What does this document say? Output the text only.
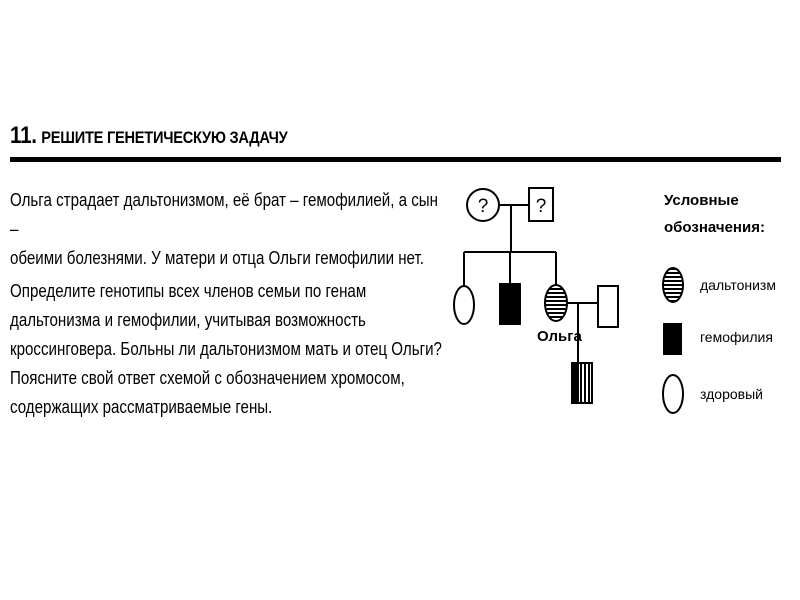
11. РЕШИТЕ ГЕНЕТИЧЕСКУЮ ЗАДАЧУ

Ольга страдает дальтонизмом, её брат – гемофилией, а сын –

обеими болезнями. У матери и отца Ольги гемофилии нет.

Определите генотипы всех членов семьи по генам

дальтонизма и гемофилии, учитывая возможность

кроссинговера. Больны ли дальтонизмом мать и отец Ольги?

Поясните свой ответ схемой с обозначением хромосом,

содержащих рассматриваемые гены.

? ?
Ольга
Условные
обозначения:
дальтонизм
гемофилия
здоровый
